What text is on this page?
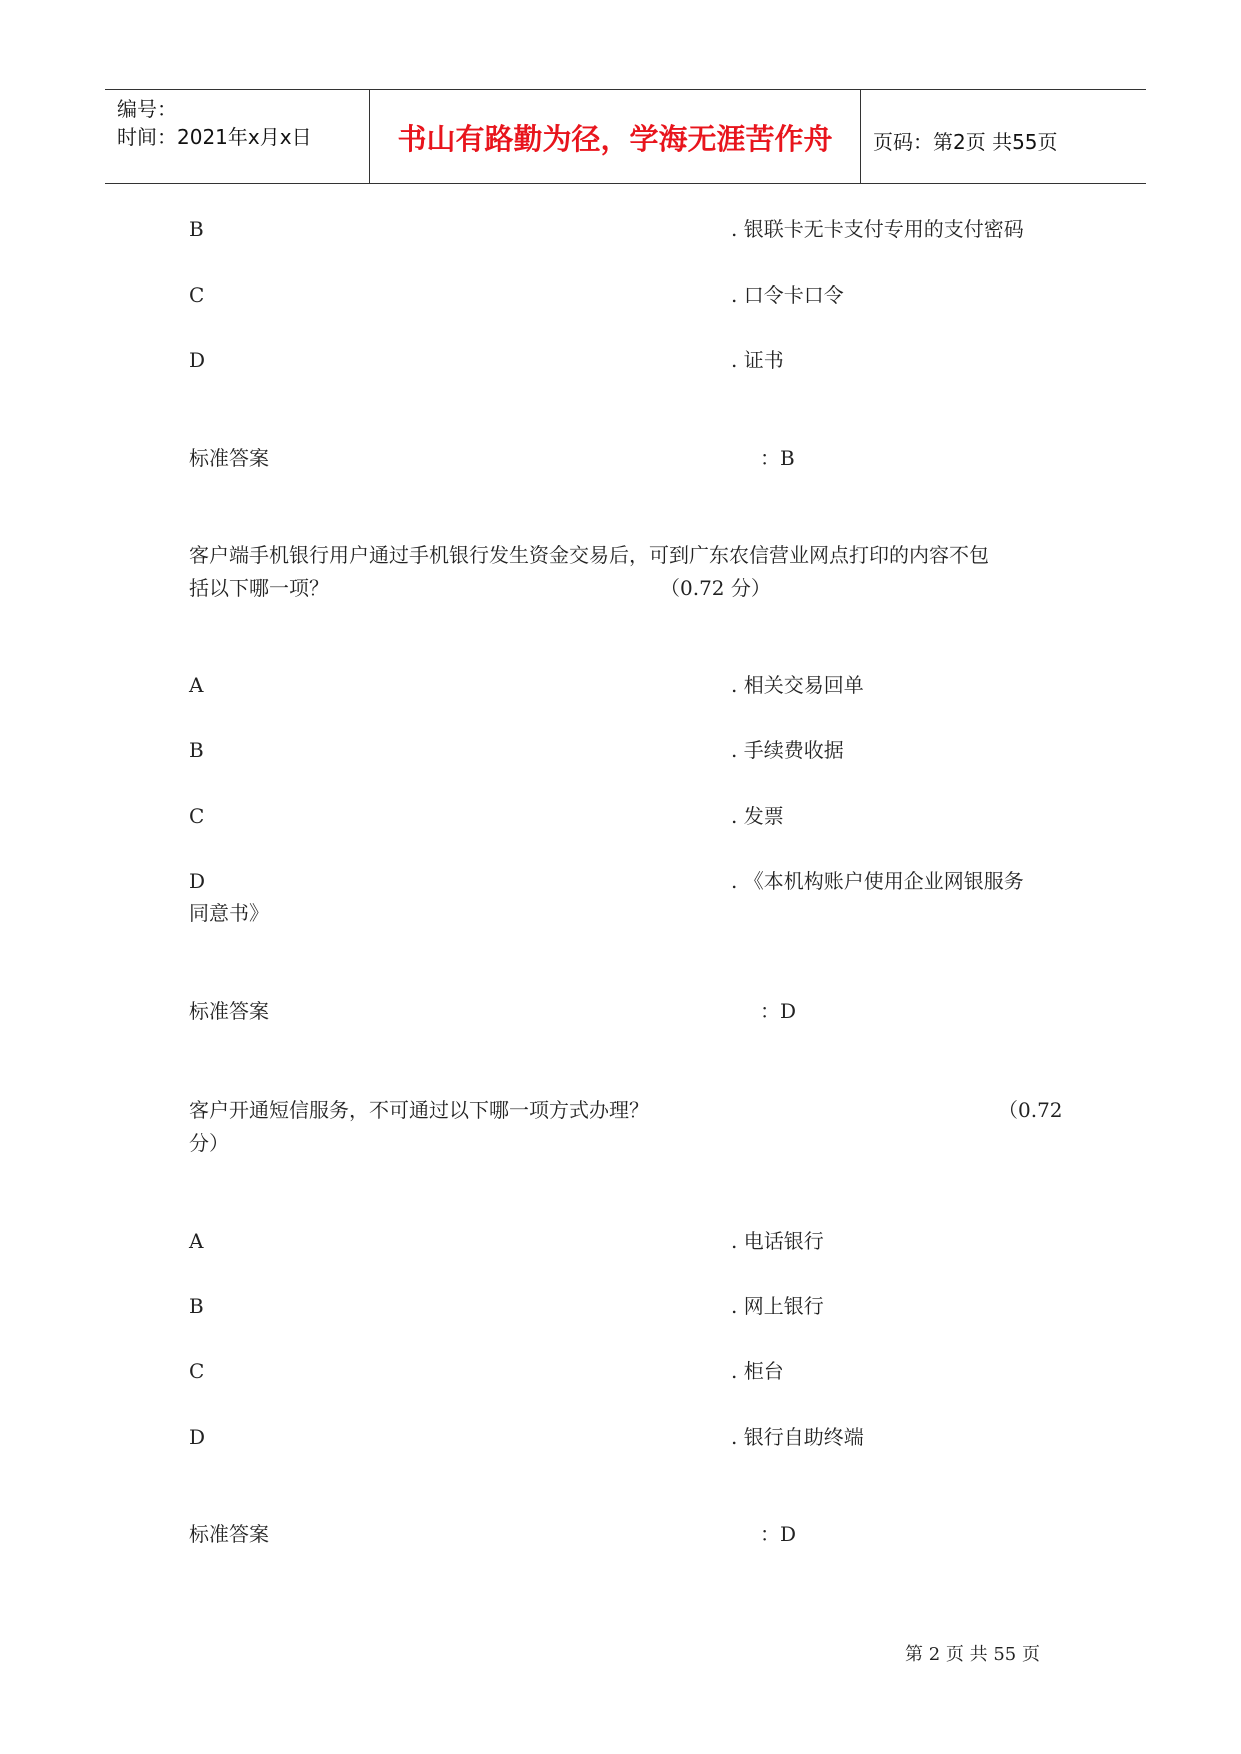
编号：
时间：2021年x月x日	书山有路勤为径，学海无涯苦作舟	页码：第2页 共55页
B	. 银联卡无卡支付专用的支付密码
C	. 口令卡口令
D	. 证书
标准答案	：B
客户端手机银行用户通过手机银行发生资金交易后，可到广东农信营业网点打印的内容不包
括以下哪一项？	（0.72 分）
A	. 相关交易回单
B	. 手续费收据
C	. 发票
D	. 《本机构账户使用企业网银服务
同意书》
标准答案	：D
客户开通短信服务，不可通过以下哪一项方式办理？	（0.72
分）
A	. 电话银行
B	. 网上银行
C	. 柜台
D	. 银行自助终端
标准答案	：D
第 2 页 共 55 页
